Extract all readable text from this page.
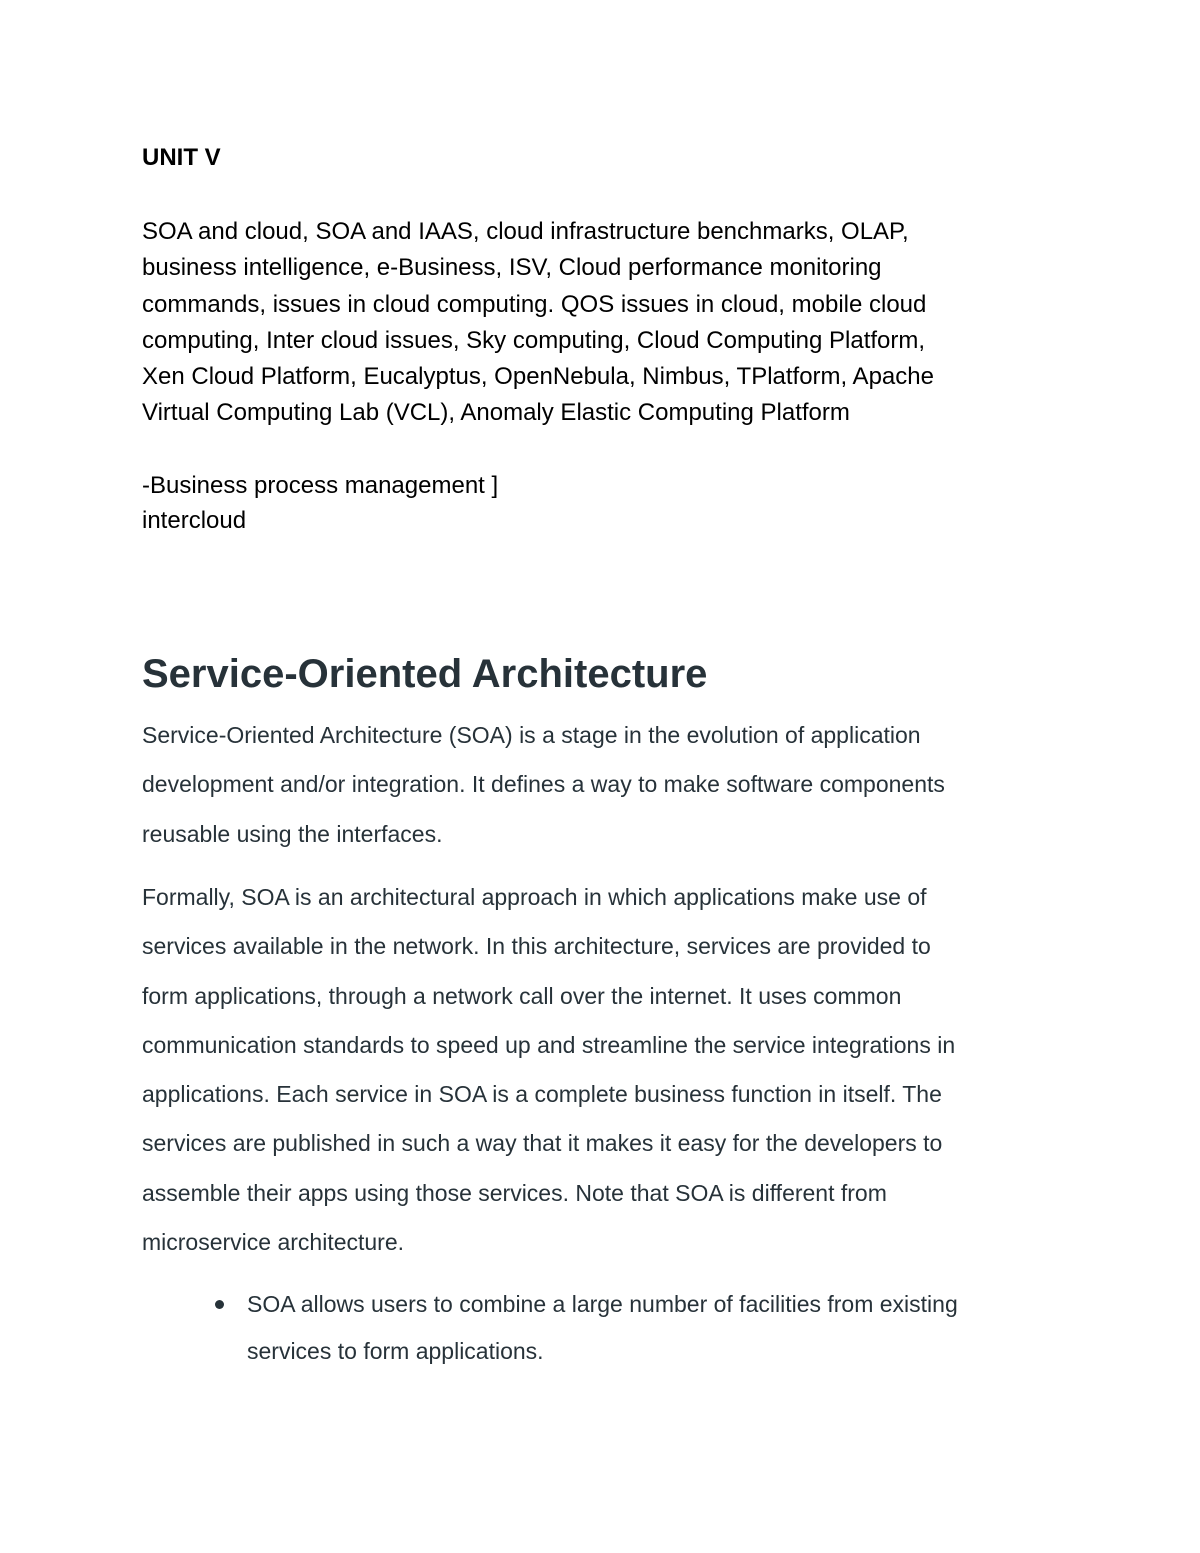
UNIT V

SOA and cloud, SOA and IAAS, cloud infrastructure benchmarks, OLAP,
business intelligence, e-Business, ISV, Cloud performance monitoring
commands, issues in cloud computing. QOS issues in cloud, mobile cloud
computing, Inter cloud issues, Sky computing, Cloud Computing Platform,
Xen Cloud Platform, Eucalyptus, OpenNebula, Nimbus, TPlatform, Apache
Virtual Computing Lab (VCL), Anomaly Elastic Computing Platform

-Business process management ]
intercloud

Service-Oriented Architecture

Service-Oriented Architecture (SOA) is a stage in the evolution of application
development and/or integration. It defines a way to make software components
reusable using the interfaces.

Formally, SOA is an architectural approach in which applications make use of
services available in the network. In this architecture, services are provided to
form applications, through a network call over the internet. It uses common
communication standards to speed up and streamline the service integrations in
applications. Each service in SOA is a complete business function in itself. The
services are published in such a way that it makes it easy for the developers to
assemble their apps using those services. Note that SOA is different from
microservice architecture.

SOA allows users to combine a large number of facilities from existing
services to form applications.
